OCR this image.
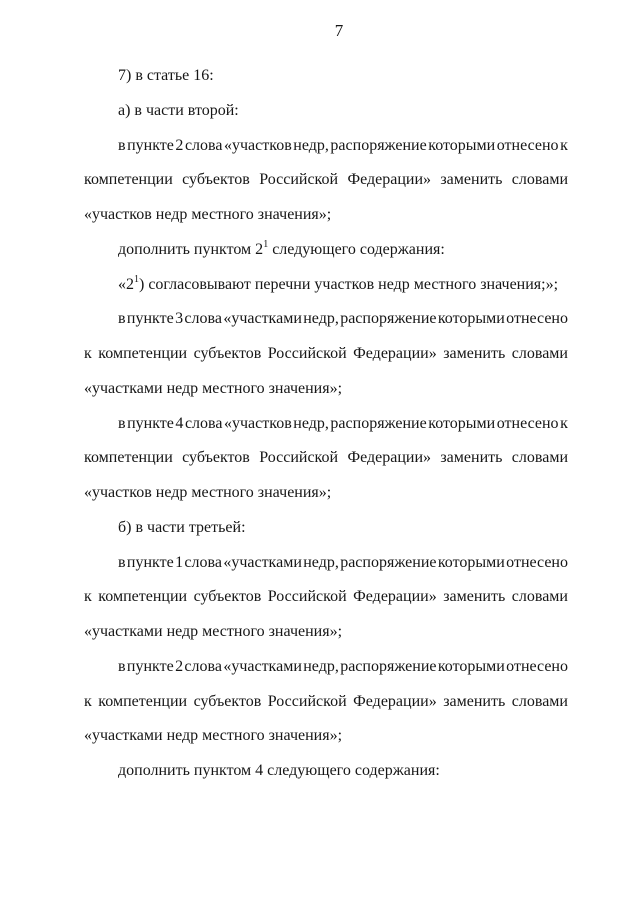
7
7) в статье 16:
а) в части второй:
в пункте 2 слова «участков недр, распоряжение которыми отнесено к
компетенции субъектов Российской Федерации» заменить словами
«участков недр местного значения»;
дополнить пунктом $2^1$ следующего содержания:
«$2^1$) согласовывают перечни участков недр местного значения;»;
в пункте 3 слова «участками недр, распоряжение которыми отнесено
к компетенции субъектов Российской Федерации» заменить словами
«участками недр местного значения»;
в пункте 4 слова «участков недр, распоряжение которыми отнесено к
компетенции субъектов Российской Федерации» заменить словами
«участков недр местного значения»;
б) в части третьей:
в пункте 1 слова «участками недр, распоряжение которыми отнесено
к компетенции субъектов Российской Федерации» заменить словами
«участками недр местного значения»;
в пункте 2 слова «участками недр, распоряжение которыми отнесено
к компетенции субъектов Российской Федерации» заменить словами
«участками недр местного значения»;
дополнить пунктом 4 следующего содержания:
